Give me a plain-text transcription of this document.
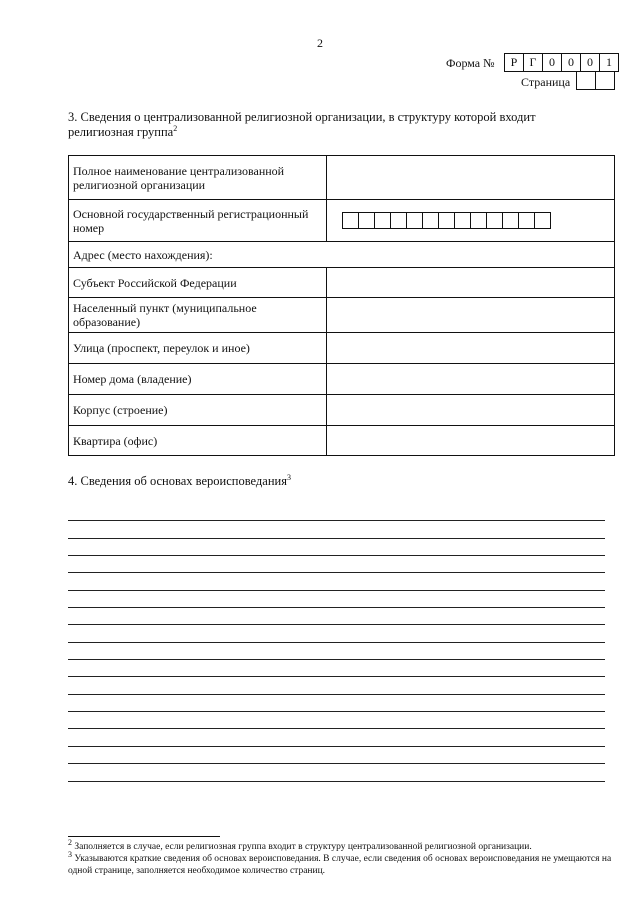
2
Форма №	Р	Г	0	0	0	1
Страница
3. Сведения о централизованной религиозной организации, в структуру которой входит религиозная группа$^2$
Полное наименование централизованной религиозной организации	
Основной государственный регистрационный номер	

Адрес (место нахождения):	
Субъект Российской Федерации	
Населенный пункт (муниципальное образование)	
Улица (проспект, переулок и иное)	
Номер дома (владение)	
Корпус (строение)	
Квартира (офис)	
4. Сведения об основах вероисповедания$^3$

$^2$ Заполняется в случае, если религиозная группа входит в структуру централизованной религиозной организации.

$^3$ Указываются краткие сведения об основах вероисповедания. В случае, если сведения об основах вероисповедания не умещаются на одной странице, заполняется необходимое количество страниц.
